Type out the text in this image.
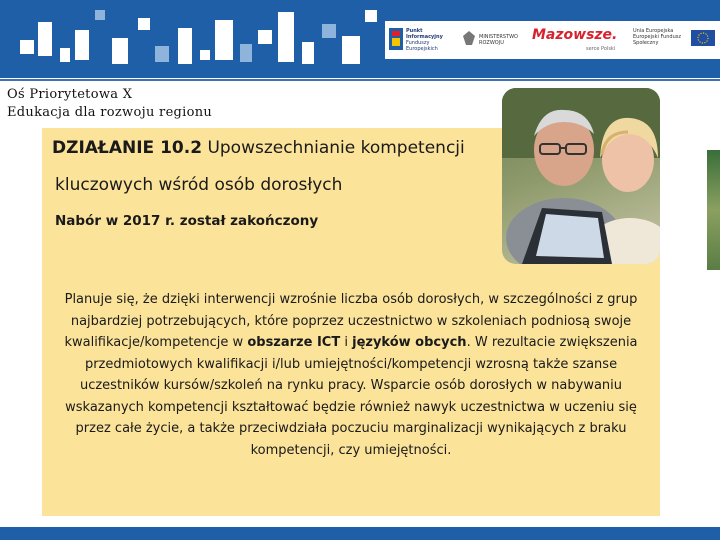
Punkt
Informacyjny
Funduszy Europejskich
MINISTERSTWO
ROZWOJU	Mazowsze.
serce Polski
Unia Europejska
Europejski Fundusz
Społeczny
Oś Priorytetowa X
Edukacja dla rozwoju regionu
DZIAŁANIE 10.2 Upowszechnianie kompetencji
kluczowych wśród osób dorosłych
Nabór w 2017 r. został zakończony
Planuje się, że dzięki interwencji wzrośnie liczba osób dorosłych, w szczególności z grup najbardziej potrzebujących, które poprzez uczestnictwo w szkoleniach podniosą swoje kwalifikacje/kompetencje w obszarze ICT i języków obcych. W rezultacie zwiększenia przedmiotowych kwalifikacji i/lub umiejętności/kompetencji wzrosną także szanse uczestników kursów/szkoleń na rynku pracy. Wsparcie osób dorosłych w nabywaniu wskazanych kompetencji kształtować będzie również nawyk uczestnictwa w uczeniu się przez całe życie, a także przeciwdziała poczuciu marginalizacji wynikających z braku kompetencji, czy umiejętności.
